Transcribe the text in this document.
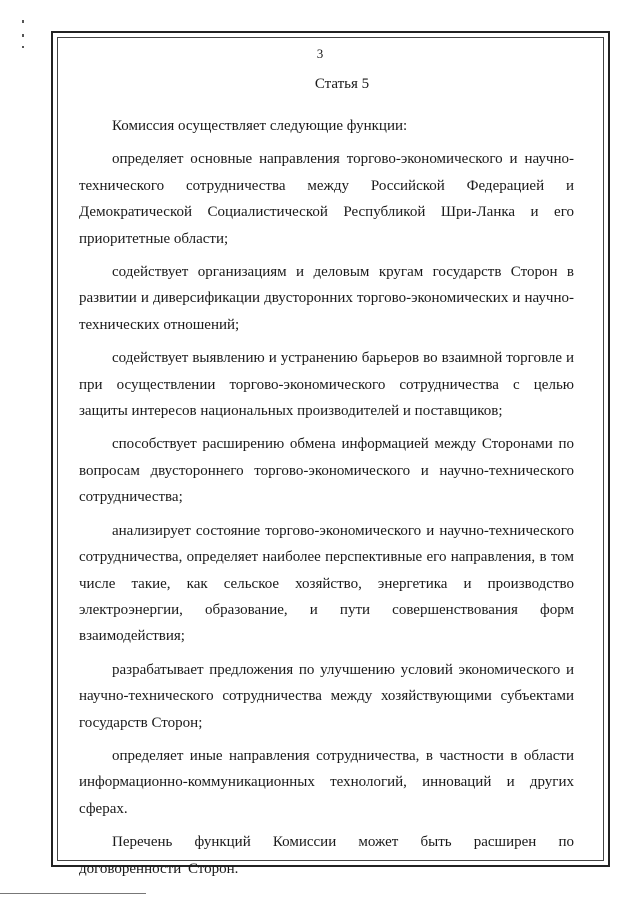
3
Статья 5

Комиссия осуществляет следующие функции:

определяет основные направления торгово-экономического и научно-технического сотрудничества между Российской Федерацией и Демократической Социалистической Республикой Шри-Ланка и его приоритетные области;

содействует организациям и деловым кругам государств Сторон в развитии и диверсификации двусторонних торгово-экономических и научно-технических отношений;

содействует выявлению и устранению барьеров во взаимной торговле и при осуществлении торгово-экономического сотрудничества с целью защиты интересов национальных производителей и поставщиков;

способствует расширению обмена информацией между Сторонами по вопросам двустороннего торгово-экономического и научно-технического сотрудничества;

анализирует состояние торгово-экономического и научно-технического сотрудничества, определяет наиболее перспективные его направления, в том числе такие, как сельское хозяйство, энергетика и производство электроэнергии, образование, и пути совершенствования форм взаимодействия;

разрабатывает предложения по улучшению условий экономического и научно-технического сотрудничества между хозяйствующими субъектами государств Сторон;

определяет иные направления сотрудничества, в частности в области информационно-коммуникационных технологий, инноваций и других сферах.

Перечень функций Комиссии может быть расширен по договоренности Сторон.
